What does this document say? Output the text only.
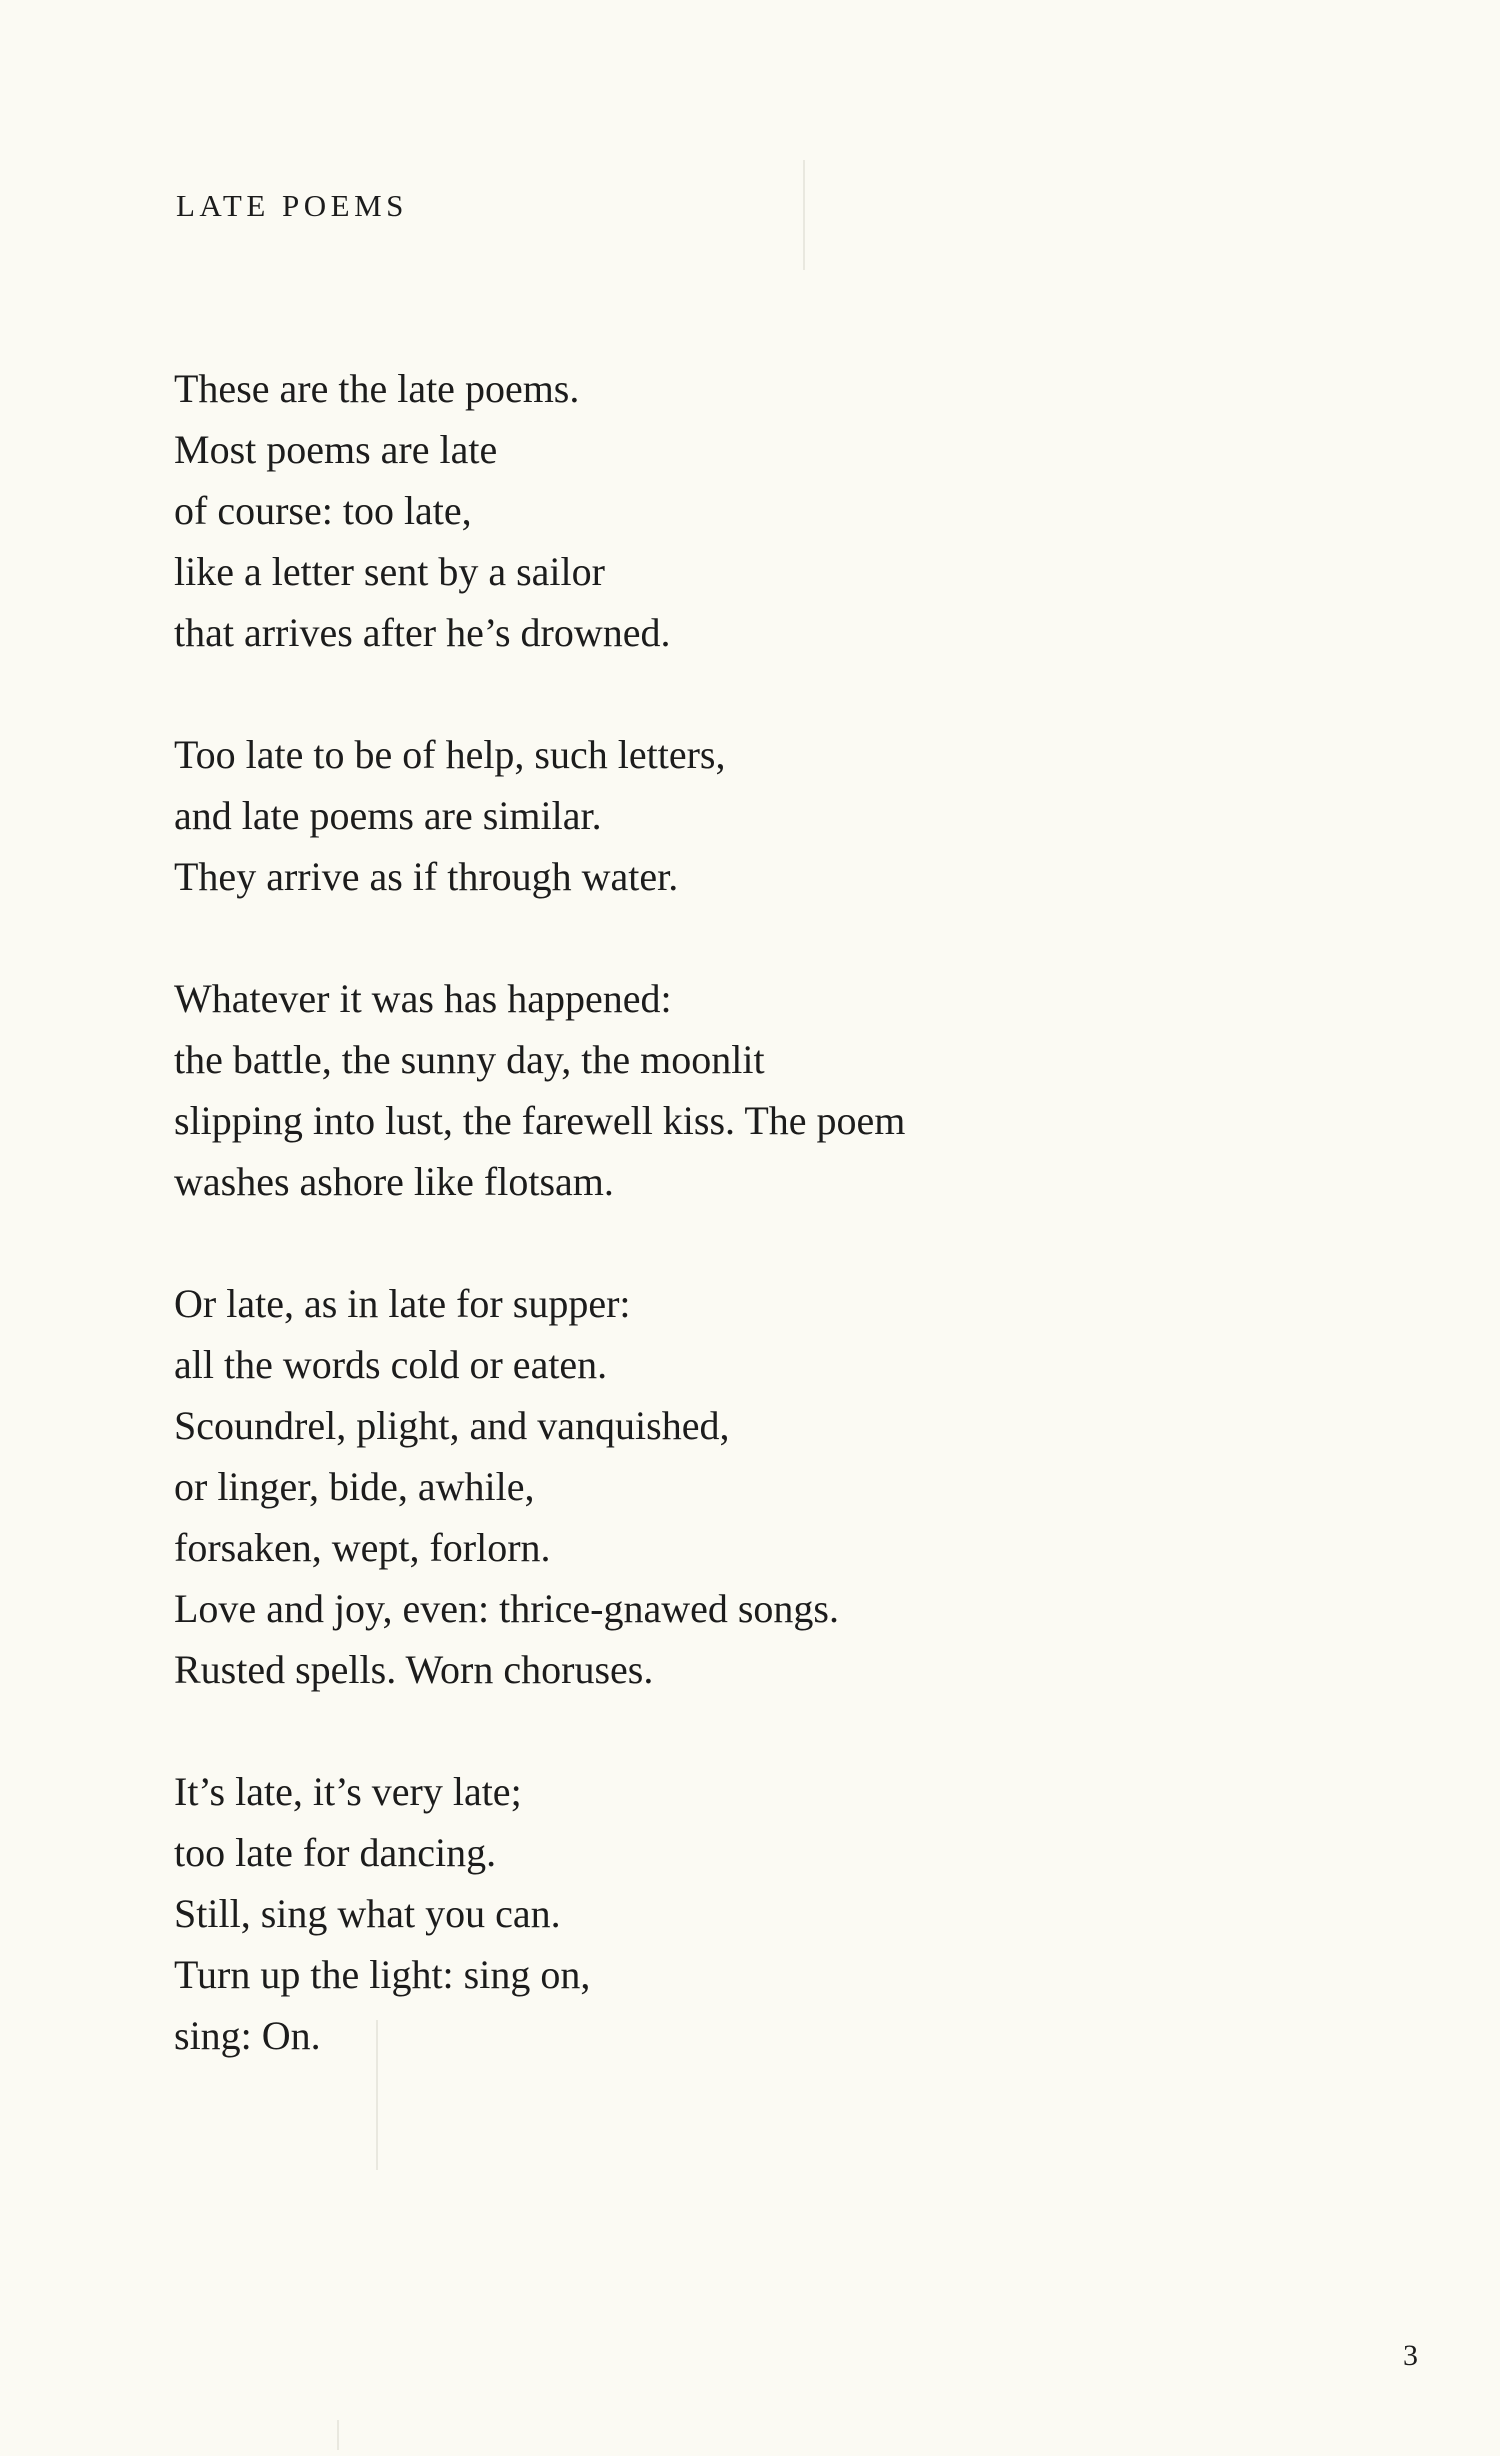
LATE POEMS
These are the late poems.
Most poems are late
of course: too late,
like a letter sent by a sailor
that arrives after he’s drowned.
Too late to be of help, such letters,
and late poems are similar.
They arrive as if through water.
Whatever it was has happened:
the battle, the sunny day, the moonlit
slipping into lust, the farewell kiss. The poem
washes ashore like flotsam.
Or late, as in late for supper:
all the words cold or eaten.
Scoundrel, plight, and vanquished,
or linger, bide, awhile,
forsaken, wept, forlorn.
Love and joy, even: thrice-gnawed songs.
Rusted spells. Worn choruses.
It’s late, it’s very late;
too late for dancing.
Still, sing what you can.
Turn up the light: sing on,
sing: On.

3
